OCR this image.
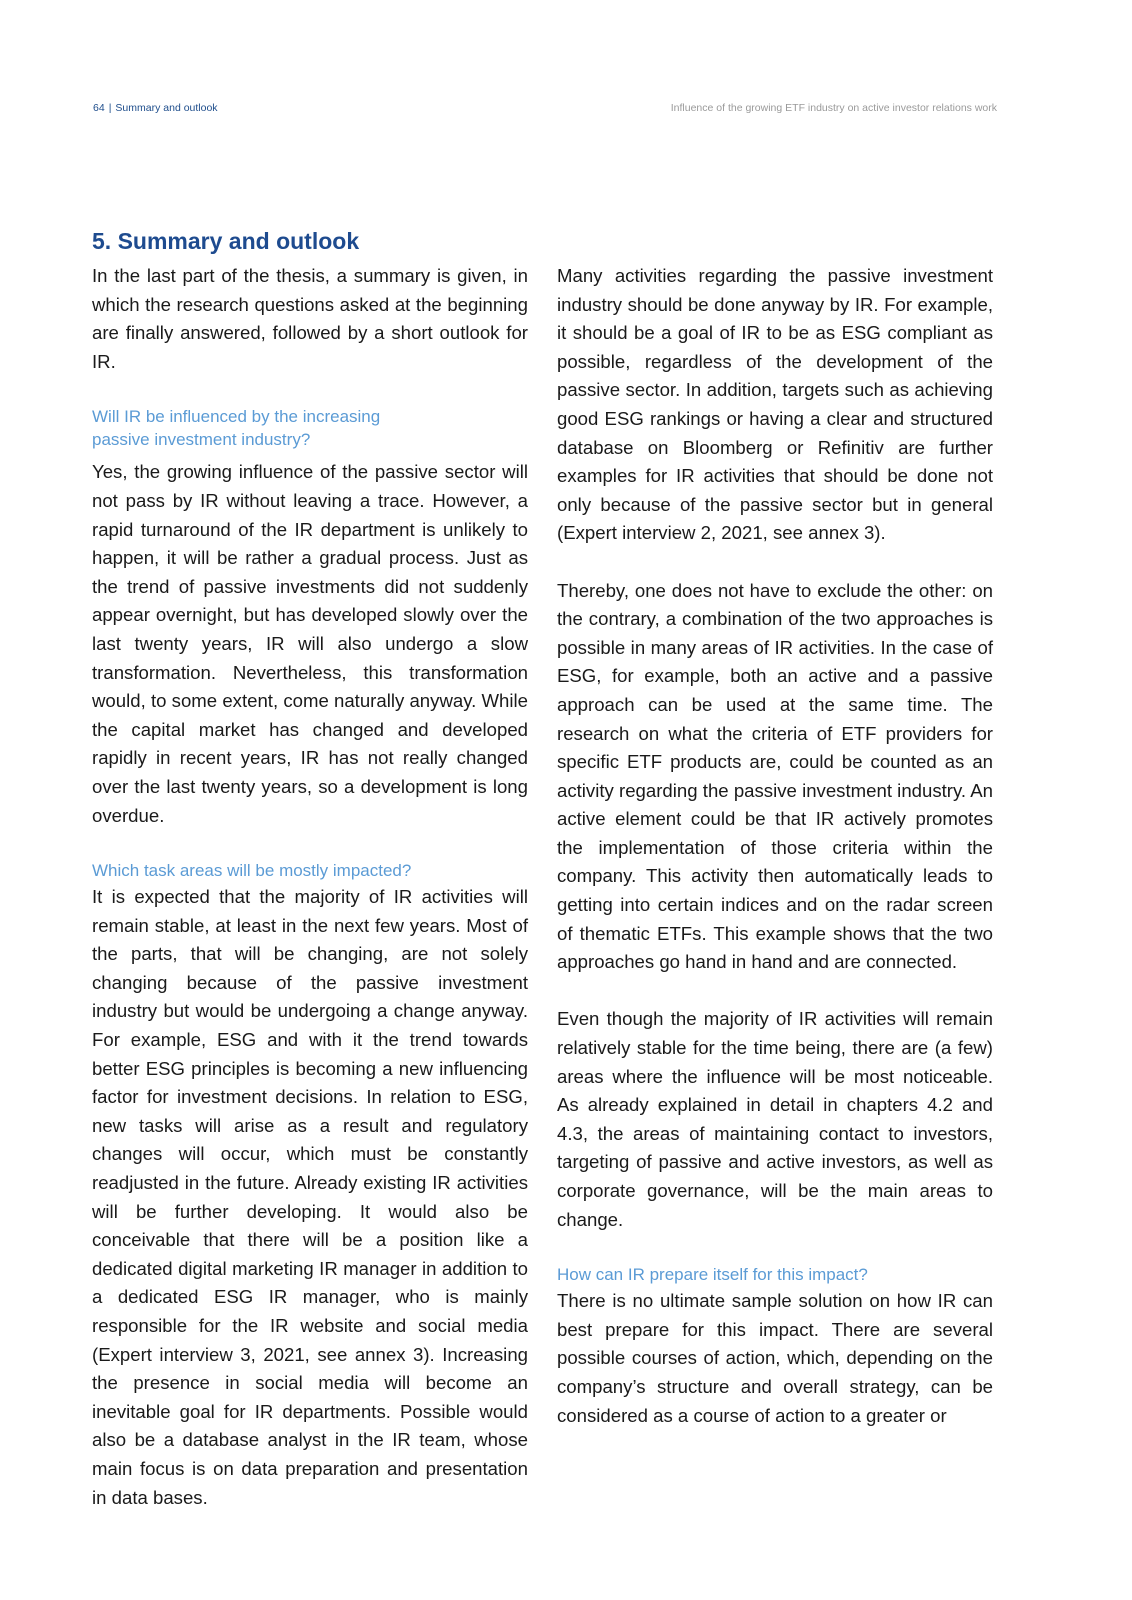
64 | Summary and outlook	Influence of the growing ETF industry on active investor relations work
5. Summary and outlook

In the last part of the thesis, a summary is given, in which the research questions asked at the beginning are finally answered, followed by a short outlook for IR.

Will IR be influenced by the increasing
passive investment industry?

Yes, the growing influence of the passive sector will not pass by IR without leaving a trace. However, a rapid turnaround of the IR department is unlikely to happen, it will be rather a gradual process. Just as the trend of passive investments did not suddenly appear overnight, but has developed slowly over the last twenty years, IR will also undergo a slow transformation. Nevertheless, this transformation would, to some extent, come naturally anyway. While the capital market has changed and developed rapidly in recent years, IR has not really changed over the last twenty years, so a development is long overdue.

Which task areas will be mostly impacted?

It is expected that the majority of IR activities will remain stable, at least in the next few years. Most of the parts, that will be changing, are not solely changing because of the passive investment industry but would be undergoing a change anyway. For example, ESG and with it the trend towards better ESG principles is becoming a new influencing factor for investment decisions. In relation to ESG, new tasks will arise as a result and regulatory changes will occur, which must be constantly readjusted in the future. Already existing IR activities will be further developing. It would also be conceivable that there will be a position like a dedicated digital marketing IR manager in addition to a dedicated ESG IR manager, who is mainly responsible for the IR website and social media (Expert interview 3, 2021, see annex 3). Increasing the presence in social media will become an inevitable goal for IR departments. Possible would also be a database analyst in the IR team, whose main focus is on data preparation and presentation in data bases.

Many activities regarding the passive investment industry should be done anyway by IR. For example, it should be a goal of IR to be as ESG compliant as possible, regardless of the development of the passive sector. In addition, targets such as achieving good ESG rankings or having a clear and structured database on Bloomberg or Refinitiv are further examples for IR activities that should be done not only because of the passive sector but in general (Expert interview 2, 2021, see annex 3).

Thereby, one does not have to exclude the other: on the contrary, a combination of the two approaches is possible in many areas of IR activities. In the case of ESG, for example, both an active and a passive approach can be used at the same time. The research on what the criteria of ETF providers for specific ETF products are, could be counted as an activity regarding the passive investment industry. An active element could be that IR actively promotes the implementation of those criteria within the company. This activity then automatically leads to getting into certain indices and on the radar screen of thematic ETFs. This example shows that the two approaches go hand in hand and are connected.

Even though the majority of IR activities will remain relatively stable for the time being, there are (a few) areas where the influence will be most noticeable. As already explained in detail in chapters 4.2 and 4.3, the areas of maintaining contact to investors, targeting of passive and active investors, as well as corporate governance, will be the main areas to change.

How can IR prepare itself for this impact?

There is no ultimate sample solution on how IR can best prepare for this impact. There are several possible courses of action, which, depending on the company’s structure and overall strategy, can be considered as a course of action to a greater or
